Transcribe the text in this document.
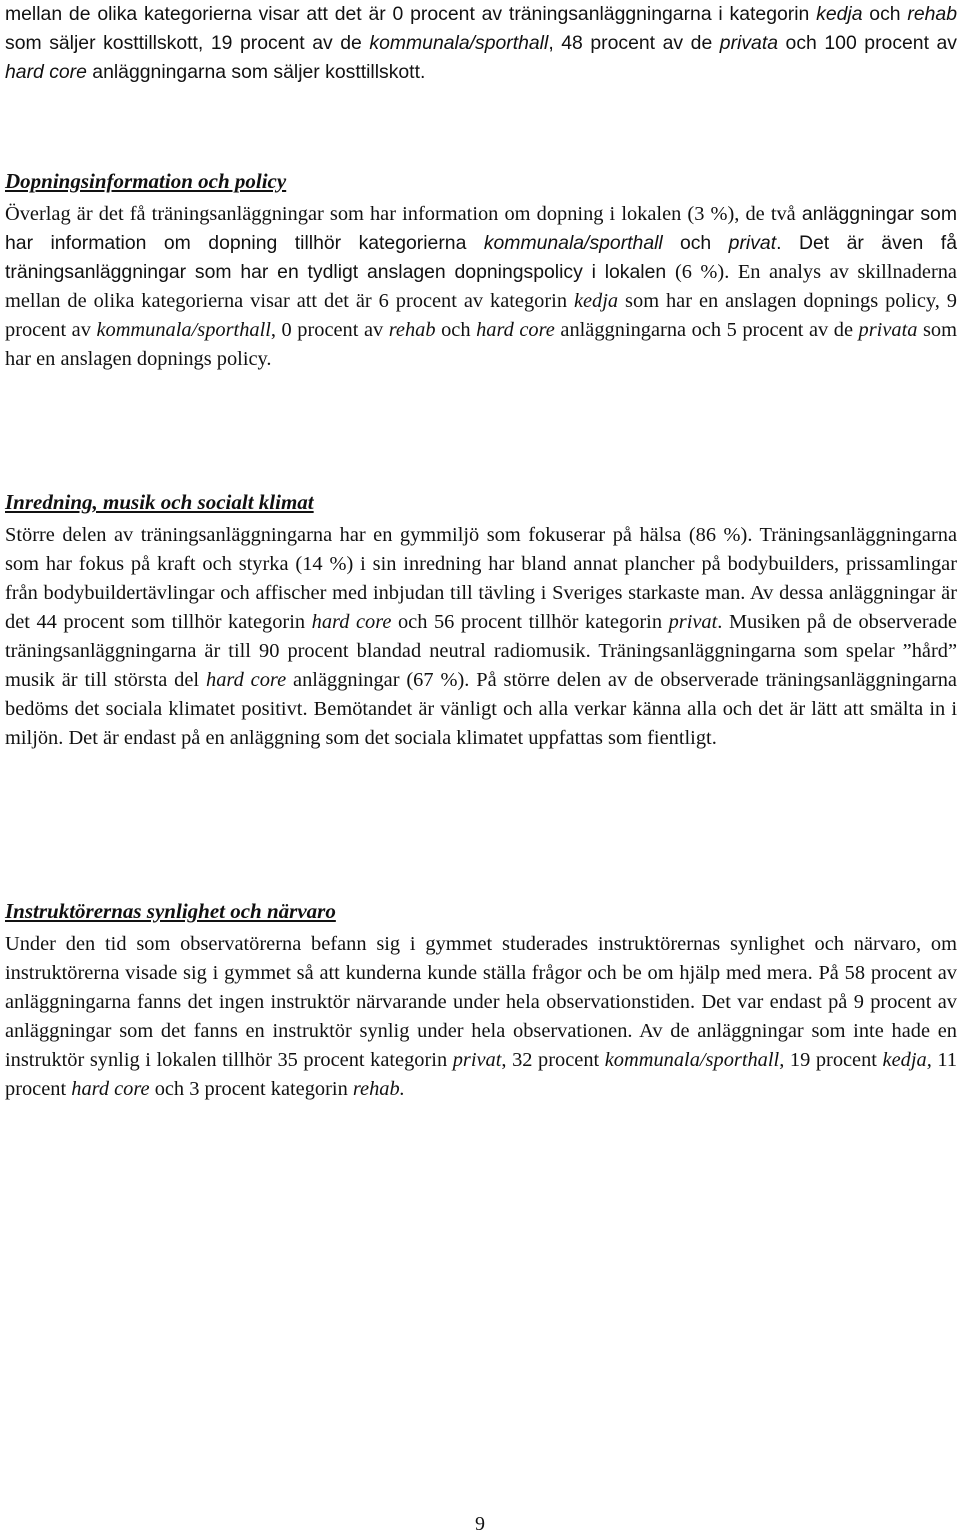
mellan de olika kategorierna visar att det är 0 procent av träningsanläggningarna i kategorin kedja och rehab som säljer kosttillskott, 19 procent av de kommunala/sporthall, 48 procent av de privata och 100 procent av hard core anläggningarna som säljer kosttillskott.

Dopningsinformation och policy

Överlag är det få träningsanläggningar som har information om dopning i lokalen (3 %), de två anläggningar som har information om dopning tillhör kategorierna kommunala/sporthall och privat. Det är även få träningsanläggningar som har en tydligt anslagen dopningspolicy i lokalen (6 %). En analys av skillnaderna mellan de olika kategorierna visar att det är 6 procent av kategorin kedja som har en anslagen dopnings policy, 9 procent av kommunala/sporthall, 0 procent av rehab och hard core anläggningarna och 5 procent av de privata som har en anslagen dopnings policy.

Inredning, musik och socialt klimat

Större delen av träningsanläggningarna har en gymmiljö som fokuserar på hälsa (86 %). Träningsanläggningarna som har fokus på kraft och styrka (14 %) i sin inredning har bland annat plancher på bodybuilders, prissamlingar från bodybuildertävlingar och affischer med inbjudan till tävling i Sveriges starkaste man. Av dessa anläggningar är det 44 procent som tillhör kategorin hard core och 56 procent tillhör kategorin privat. Musiken på de observerade träningsanläggningarna är till 90 procent blandad neutral radiomusik. Träningsanläggningarna som spelar ”hård” musik är till största del hard core anläggningar (67 %). På större delen av de observerade träningsanläggningarna bedöms det sociala klimatet positivt. Bemötandet är vänligt och alla verkar känna alla och det är lätt att smälta in i miljön. Det är endast på en anläggning som det sociala klimatet uppfattas som fientligt.

Instruktörernas synlighet och närvaro

Under den tid som observatörerna befann sig i gymmet studerades instruktörernas synlighet och närvaro, om instruktörerna visade sig i gymmet så att kunderna kunde ställa frågor och be om hjälp med mera. På 58 procent av anläggningarna fanns det ingen instruktör närvarande under hela observationstiden. Det var endast på 9 procent av anläggningar som det fanns en instruktör synlig under hela observationen. Av de anläggningar som inte hade en instruktör synlig i lokalen tillhör 35 procent kategorin privat, 32 procent kommunala/sporthall, 19 procent kedja, 11 procent hard core och 3 procent kategorin rehab.

9
